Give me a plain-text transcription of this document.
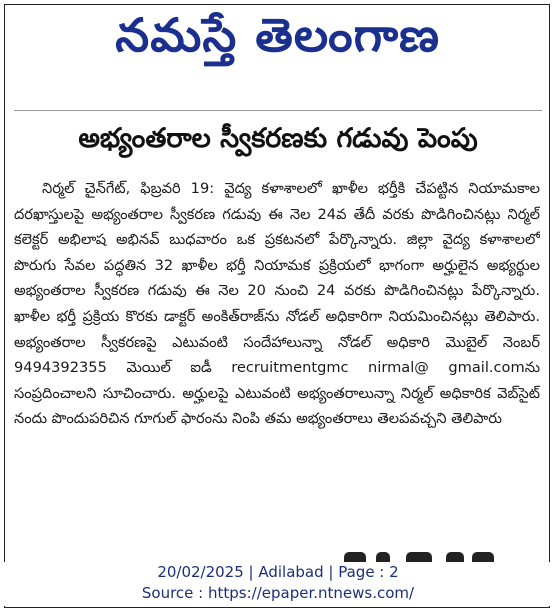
నమస్తే తెలంగాణ
అభ్యంతరాల స్వీకరణకు గడువు పెంపు

నిర్మల్ చైన్‌గేట్, ఫిబ్రవరి 19: వైద్య కళాశాలలో ఖాళీల భర్తీకి చేపట్టిన నియామకాల దరఖాస్తులపై అభ్యంతరాల స్వీకరణ గడువు ఈ నెల 24వ తేదీ వరకు పొడిగించినట్లు నిర్మల్ కలెక్టర్ అభిలాష అభినవ్ బుధవారం ఒక ప్రకటనలో పేర్కొన్నారు. జిల్లా వైద్య కళాశాలలో పొరుగు సేవల పద్ధతిన 32 ఖాళీల భర్తీ నియామక ప్రక్రియలో భాగంగా అర్హులైన అభ్యర్థుల అభ్యంతరాల స్వీకరణ గడువు ఈ నెల 20 నుంచి 24 వరకు పొడిగించినట్లు పేర్కొన్నారు. ఖాళీల భర్తీ ప్రక్రియ కొరకు డాక్టర్ అంకిత్‌రాజ్‌ను నోడల్ అధికారిగా నియమించినట్లు తెలిపారు. అభ్యంతరాల స్వీకరణపై ఎటువంటి సందేహాలున్నా నోడల్ అధికారి మొబైల్ నెంబర్ 9494392355 మెయిల్ ఐడీ recruitmentgmc nirmal@ gmail.comను సంప్రదించాలని సూచించారు. అర్హులపై ఎటువంటి అభ్యంతరాలున్నా నిర్మల్ అధికారిక వెబ్‌సైట్ నందు పొందుపరిచిన గూగుల్ ఫారంను నింపి తమ అభ్యంతరాలు తెలపవచ్చని తెలిపారు

20/02/2025 | Adilabad | Page : 2
Source : https://epaper.ntnews.com/
